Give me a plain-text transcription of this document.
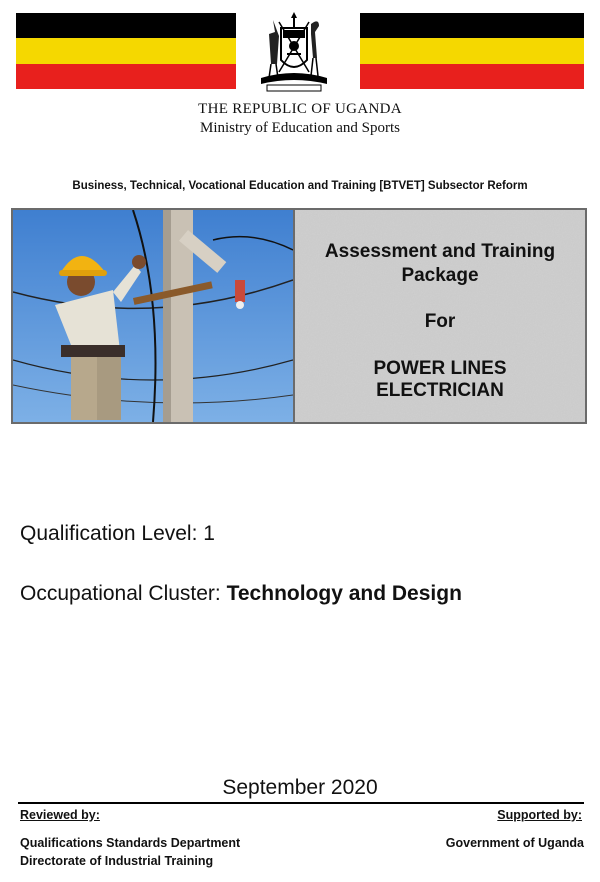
THE REPUBLIC OF UGANDA
Ministry of Education and Sports
Business, Technical, Vocational Education and Training [BTVET] Subsector Reform
Assessment and Training
Package
For
POWER LINES
ELECTRICIAN
Qualification Level: 1
Occupational Cluster: Technology and Design
September 2020
Reviewed by:	Supported by:
Qualifications Standards Department
Directorate of Industrial Training
Government of Uganda
